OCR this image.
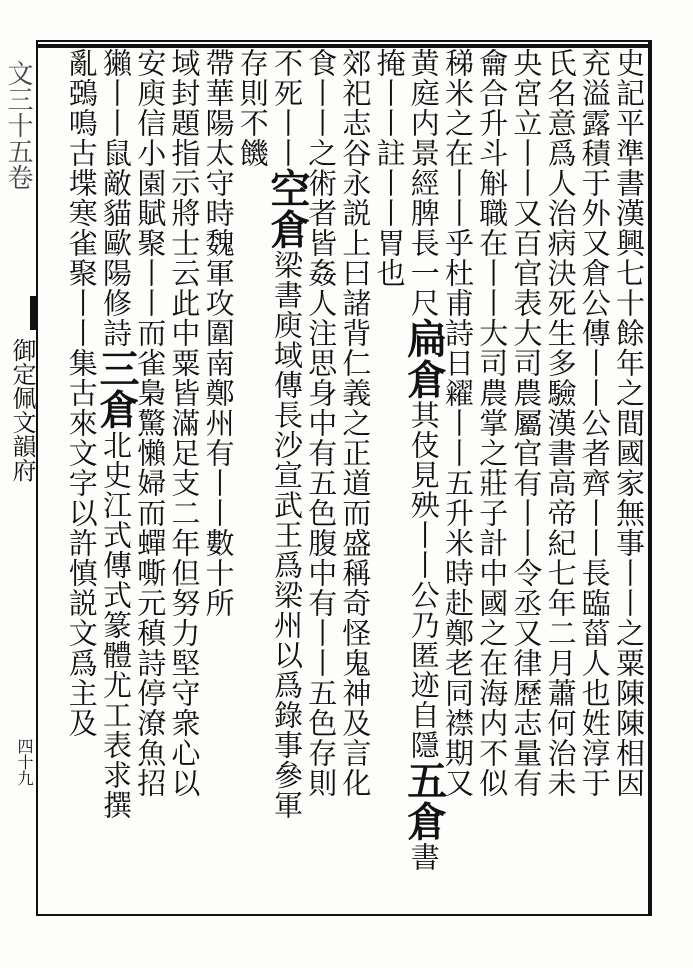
文三十五卷
御定佩文韻府
四十九	史記平準書漢興七十餘年之間國家無事丨丨之粟陳陳相因
充溢露積于外又倉公傳丨丨公者齊丨丨長臨菑人也姓淳于
氏名意爲人治病決死生多驗漢書高帝紀七年二月蕭何治未
央宮立丨丨又百官表大司農屬官有丨丨令丞又律歷志量有
龠合升斗斛職在丨丨大司農掌之莊子計中國之在海内不似
稊米之在丨丨乎杜甫詩日糴丨丨五升米時赴鄭老同襟期又
黄庭内景經脾長一尺扁倉其伎見殃丨丨公乃匿迹自隱五倉書
掩丨丨註丨丨胃也
郊祀志谷永説上曰諸背仁義之正道而盛稱奇怪鬼神及言化
食丨丨之術者皆姦人注思身中有五色腹中有丨丨五色存則
不死丨丨空倉梁書庾域傳長沙宣武王爲梁州以爲錄事參軍
存則不饑
帶華陽太守時魏軍攻圍南鄭州有丨丨數十所
域封題指示將士云此中粟皆滿足支二年但努力堅守衆心以
安庾信小園賦聚丨丨而雀梟驚懶婦而蟬嘶元稹詩停潦魚招
獺丨丨鼠敵貓歐陽修詩三倉北史江式傳式篆體尤工表求撰
亂鵶鳴古堞寒雀聚丨丨集古來文字以許慎説文爲主及
